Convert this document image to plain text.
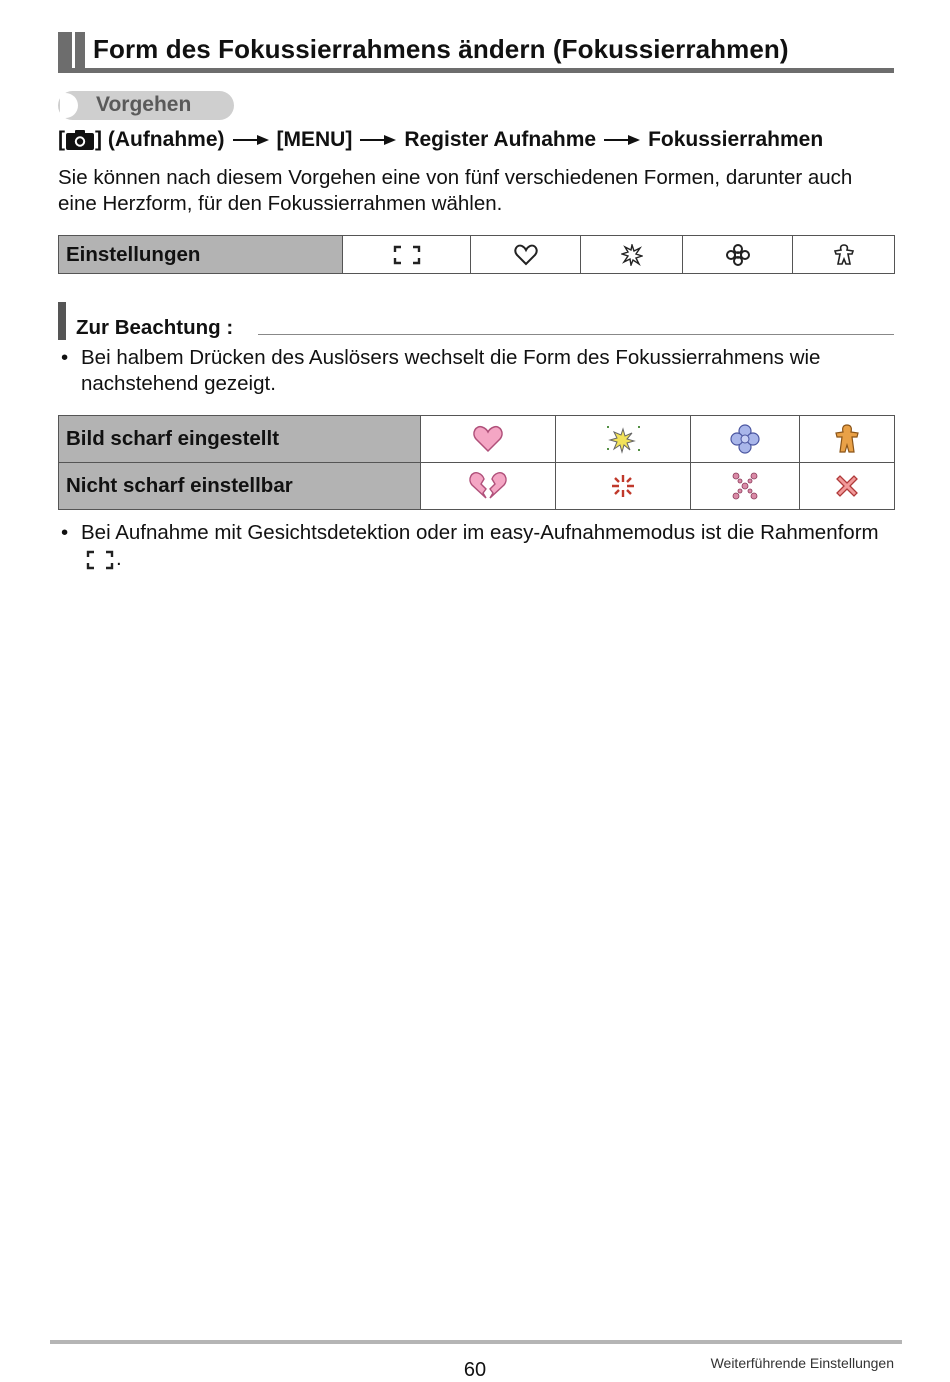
Form des Fokussierrahmens ändern (Fokussierrahmen)
Vorgehen
[ ] (Aufnahme) [MENU] Register Aufnahme Fokussierrahmen

Sie können nach diesem Vorgehen eine von fünf verschiedenen Formen, darunter auch eine Herzform, für den Fokussierrahmen wählen.

Einstellungen					
Zur Beachtung :
• Bei halbem Drücken des Auslösers wechselt die Form des Fokussierrahmens wie nachstehend gezeigt.
Bild scharf eingestellt				
Nicht scharf einstellbar				
• Bei Aufnahme mit Gesichtsdetektion oder im easy-Aufnahmemodus ist die Rahmenform .
60	Weiterführende Einstellungen
